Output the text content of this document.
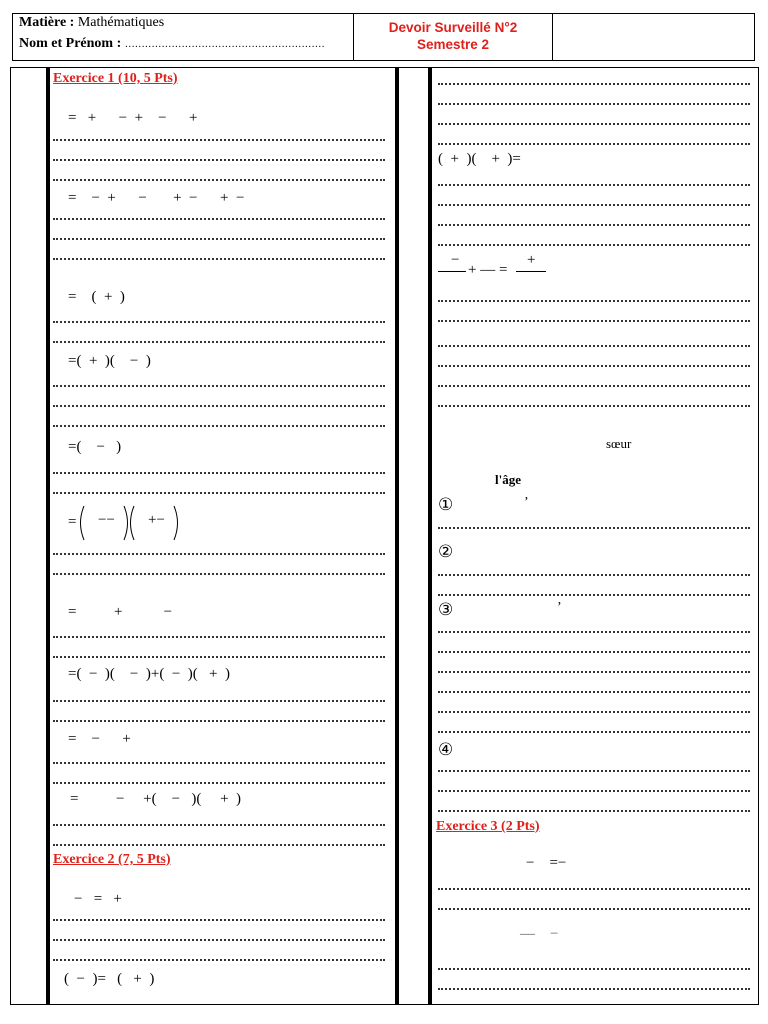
Matière : Mathématiques
Nom et Prénom : ……………………………………………………
Devoir Surveillé N°2
Semestre 2
Exercice 1 (10, 5 Pts)
=   +      −  +    −      +
=    −  +      −       +  −      +  −
=    (  +  )
=(  +  )(    −  )
=(    −   )
= −− +−
=          +           −
=(  −  )(    −  )+(  −  )(   +  )
=    −      +
=          −     +(    −   )(     +  )
Exercice 2 (7, 5 Pts)
−   =   +
(  −  )=   (   +  )
(  +  )(    +  )=
−
+ — =
+
sœur
l'âge
①	’
②
③	’
④
Exercice 3 (2 Pts)
−    =−
—    −
